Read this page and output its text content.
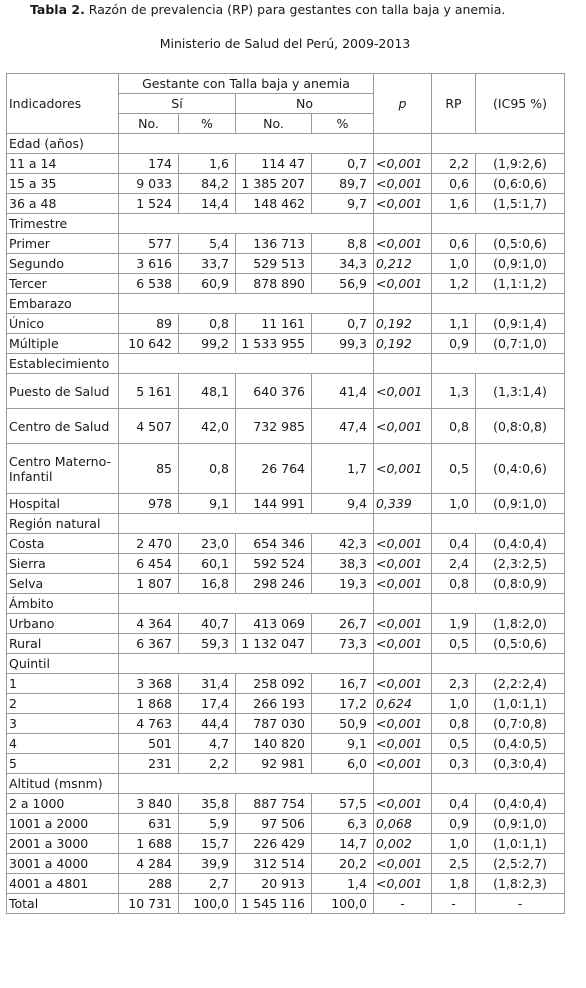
Tabla 2. Razón de prevalencia (RP) para gestantes con talla baja y anemia.
Ministerio de Salud del Perú, 2009-2013
Indicadores	Gestante con Talla baja y anemia				p	RP	(IC95 %)
	Sí		No				
	No.	%	No.	%			
Edad (años)							
11 a 14	174	1,6	114 47	0,7	<0,001	2,2	(1,9:2,6)
15 a 35	9 033	84,2	1 385 207	89,7	<0,001	0,6	(0,6:0,6)
36 a 48	1 524	14,4	148 462	9,7	<0,001	1,6	(1,5:1,7)
Trimestre							
Primer	577	5,4	136 713	8,8	<0,001	0,6	(0,5:0,6)
Segundo	3 616	33,7	529 513	34,3	0,212	1,0	(0,9:1,0)
Tercer	6 538	60,9	878 890	56,9	<0,001	1,2	(1,1:1,2)
Embarazo							
Único	89	0,8	11 161	0,7	0,192	1,1	(0,9:1,4)
Múltiple	10 642	99,2	1 533 955	99,3	0,192	0,9	(0,7:1,0)
Establecimiento							
Puesto de Salud	5 161	48,1	640 376	41,4	<0,001	1,3	(1,3:1,4)
Centro de Salud	4 507	42,0	732 985	47,4	<0,001	0,8	(0,8:0,8)
Centro Materno-Infantil	85	0,8	26 764	1,7	<0,001	0,5	(0,4:0,6)
Hospital	978	9,1	144 991	9,4	0,339	1,0	(0,9:1,0)
Región natural							
Costa	2 470	23,0	654 346	42,3	<0,001	0,4	(0,4:0,4)
Sierra	6 454	60,1	592 524	38,3	<0,001	2,4	(2,3:2,5)
Selva	1 807	16,8	298 246	19,3	<0,001	0,8	(0,8:0,9)
Ámbito							
Urbano	4 364	40,7	413 069	26,7	<0,001	1,9	(1,8:2,0)
Rural	6 367	59,3	1 132 047	73,3	<0,001	0,5	(0,5:0,6)
Quintil							
1	3 368	31,4	258 092	16,7	<0,001	2,3	(2,2:2,4)
2	1 868	17,4	266 193	17,2	0,624	1,0	(1,0:1,1)
3	4 763	44,4	787 030	50,9	<0,001	0,8	(0,7:0,8)
4	501	4,7	140 820	9,1	<0,001	0,5	(0,4:0,5)
5	231	2,2	92 981	6,0	<0,001	0,3	(0,3:0,4)
Altitud (msnm)							
2 a 1000	3 840	35,8	887 754	57,5	<0,001	0,4	(0,4:0,4)
1001 a 2000	631	5,9	97 506	6,3	0,068	0,9	(0,9:1,0)
2001 a 3000	1 688	15,7	226 429	14,7	0,002	1,0	(1,0:1,1)
3001 a 4000	4 284	39,9	312 514	20,2	<0,001	2,5	(2,5:2,7)
4001 a 4801	288	2,7	20 913	1,4	<0,001	1,8	(1,8:2,3)
Total	10 731	100,0	1 545 116	100,0	-	-	-
